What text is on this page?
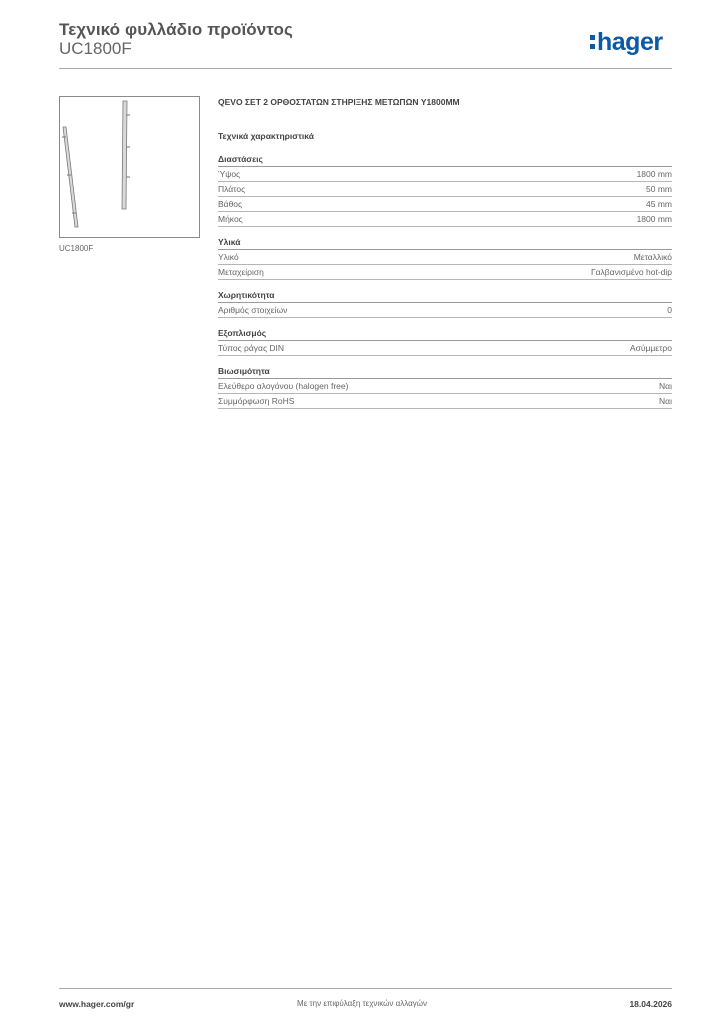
Τεχνικό φυλλάδιο προϊόντος
UC1800F	hager
UC1800F
QEVO ΣΕΤ 2 ΟΡΘΟΣΤΑΤΩΝ ΣΤΗΡΙΞΗΣ ΜΕΤΩΠΩΝ Y1800MM
Τεχνικά χαρακτηριστικά
Διαστάσεις
Ύψος	1800 mm
Πλάτος	50 mm
Βάθος	45 mm
Μήκος	1800 mm
Υλικά
Υλικό	Μεταλλικό
Μεταχείριση	Γαλβανισμένο hot-dip
Χωρητικότητα
Αριθμός στοιχείων	0
Εξοπλισμός
Τύπος ράγας DIN	Ασύμμετρο
Βιωσιμότητα
Ελεύθερο αλογόνου (halogen free)	Ναι
Συμμόρφωση RoHS	Ναι
www.hager.com/gr	Με την επιφύλαξη τεχνικών αλλαγών	18.04.2026
